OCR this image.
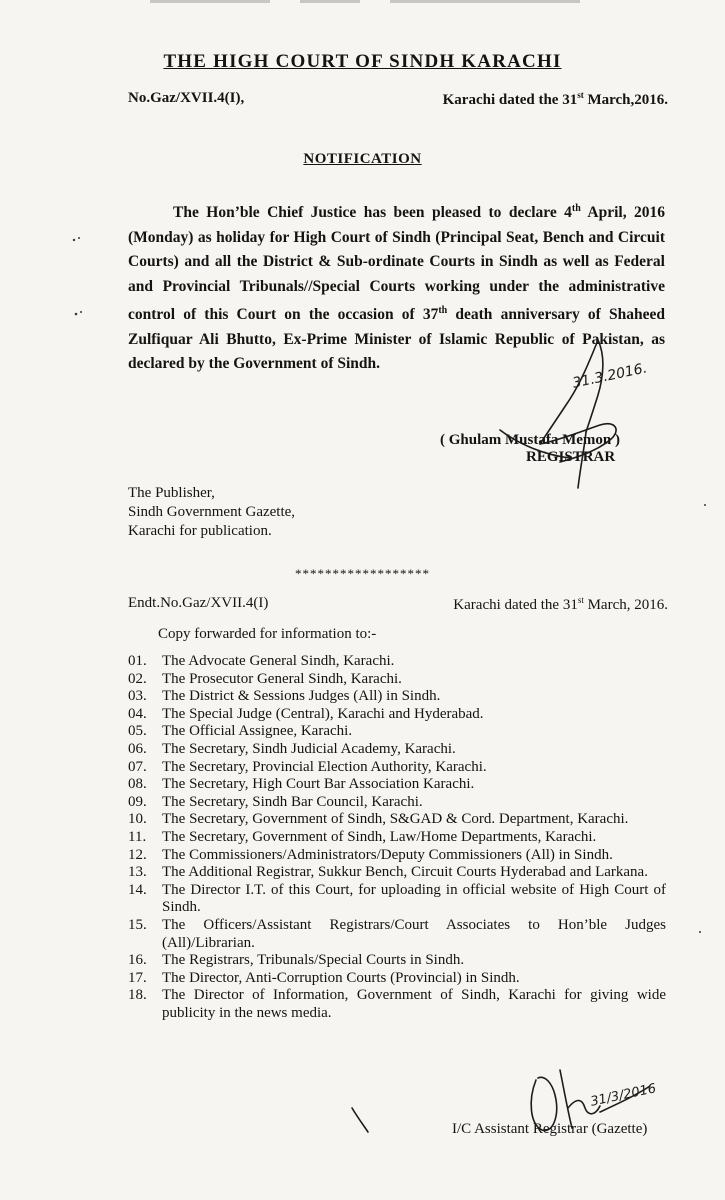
THE HIGH COURT OF SINDH KARACHI
No.Gaz/XVII.4(I),	Karachi dated the 31st March,2016.
NOTIFICATION

The Hon’ble Chief Justice has been pleased to declare 4th April, 2016 (Monday) as holiday for High Court of Sindh (Principal Seat, Bench and Circuit Courts) and all the District & Sub-ordinate Courts in Sindh as well as Federal and Provincial Tribunals//Special Courts working under the administrative control of this Court on the occasion of 37th death anniversary of Shaheed Zulfiquar Ali Bhutto, Ex-Prime Minister of Islamic Republic of Pakistan, as declared by the Government of Sindh.

( Ghulam Mustafa Memon )
REGISTRAR
31.3.2016.
The Publisher,
Sindh Government Gazette,
Karachi for publication.
******************
Endt.No.Gaz/XVII.4(I)	Karachi dated the 31st March, 2016.
Copy forwarded for information to:-
01.	The Advocate General Sindh, Karachi.
02.	The Prosecutor General Sindh, Karachi.
03.	The District & Sessions Judges (All) in Sindh.
04.	The Special Judge (Central), Karachi and Hyderabad.
05.	The Official Assignee, Karachi.
06.	The Secretary, Sindh Judicial Academy, Karachi.
07.	The Secretary, Provincial Election Authority, Karachi.
08.	The Secretary, High Court Bar Association Karachi.
09.	The Secretary, Sindh Bar Council, Karachi.
10.	The Secretary, Government of Sindh, S&GAD & Cord. Department, Karachi.
11.	The Secretary, Government of Sindh, Law/Home Departments, Karachi.
12.	The Commissioners/Administrators/Deputy Commissioners (All) in Sindh.
13.	The Additional Registrar, Sukkur Bench, Circuit Courts Hyderabad and Larkana.
14.	The Director I.T. of this Court, for uploading in official website of High Court of Sindh.
15.	The Officers/Assistant Registrars/Court Associates to Hon’ble Judges (All)/Librarian.
16.	The Registrars, Tribunals/Special Courts in Sindh.
17.	The Director, Anti-Corruption Courts (Provincial) in Sindh.
18.	The Director of Information, Government of Sindh, Karachi for giving wide publicity in the news media.
31/3/2016
I/C Assistant Registrar (Gazette)
